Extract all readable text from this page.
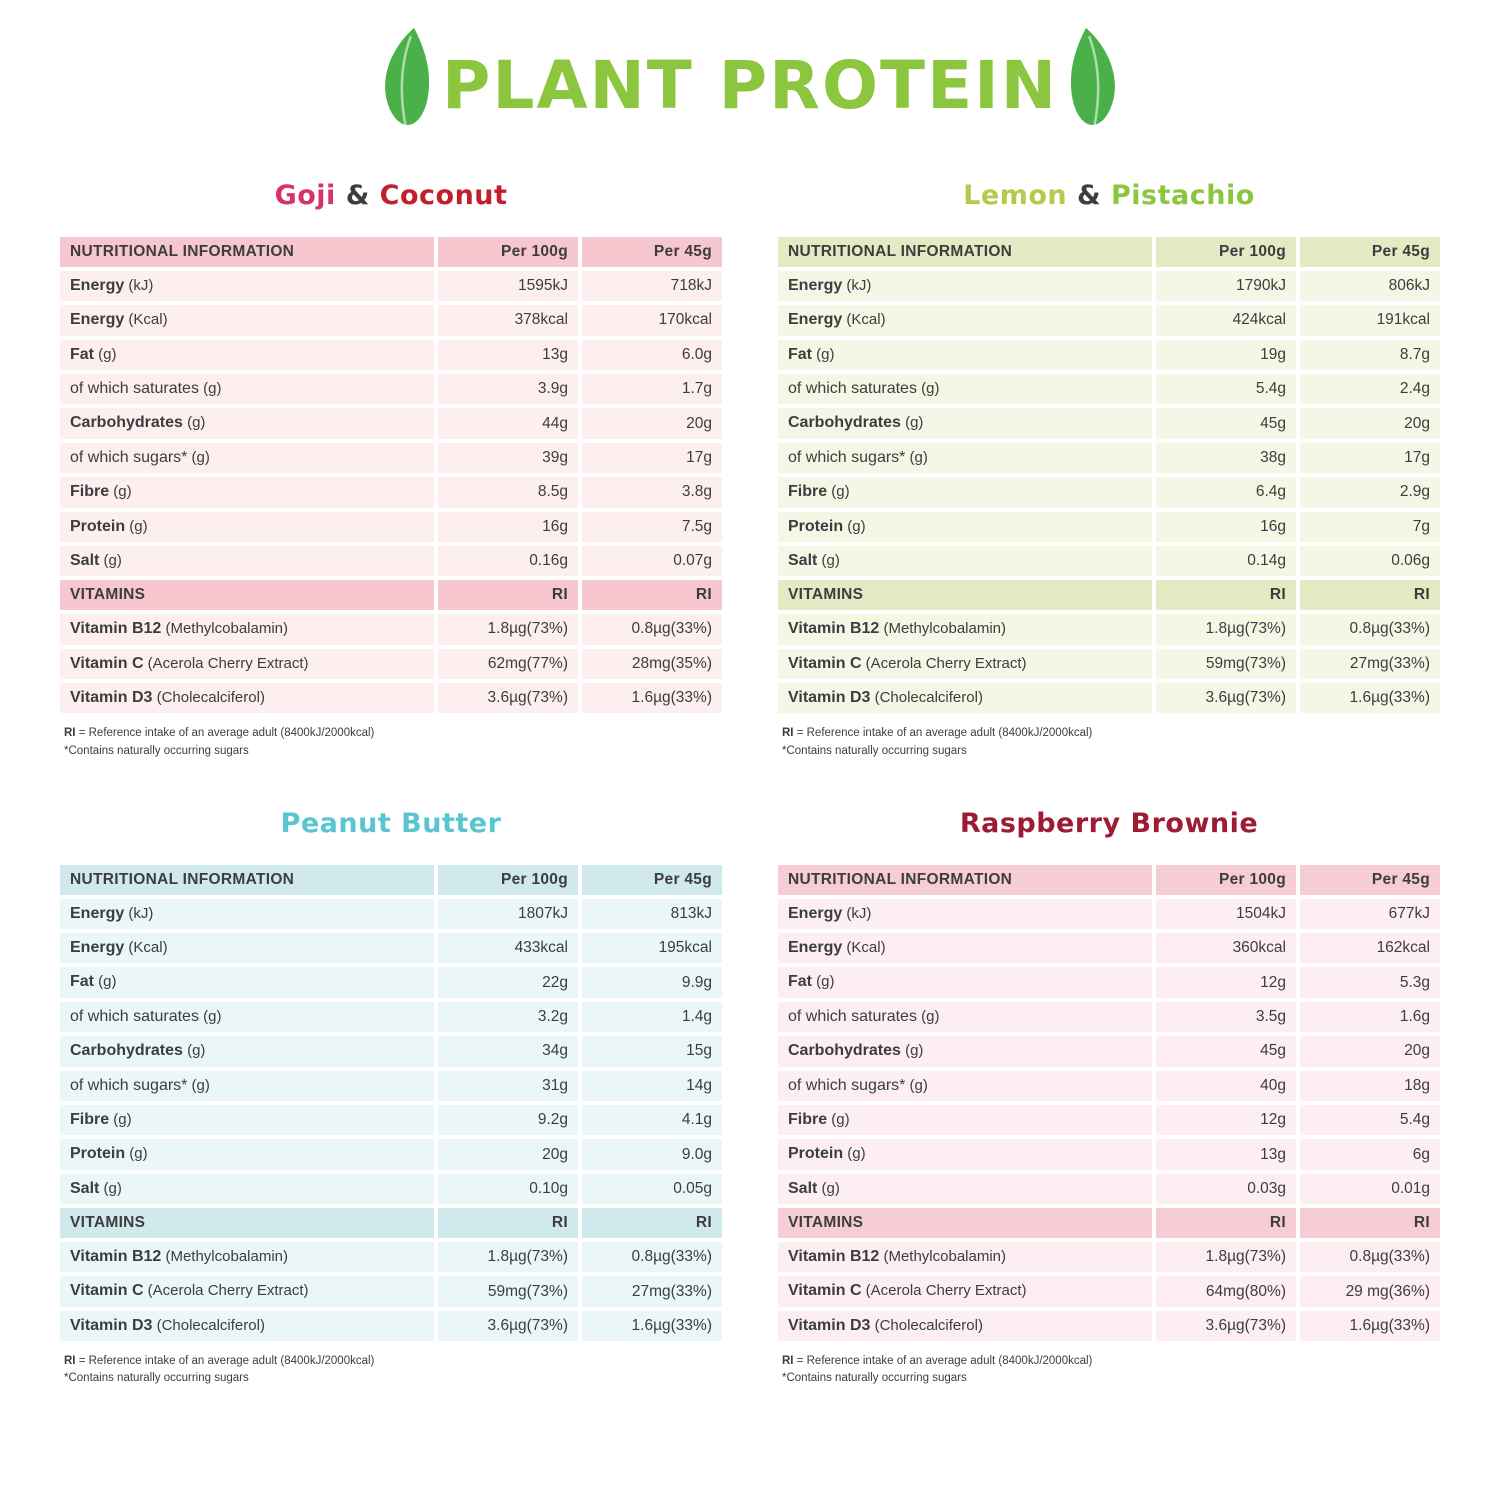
PLANT PROTEIN
Goji & Coconut
NUTRITIONAL INFORMATION	Per 100g	Per 45g
Energy (kJ)	1595kJ	718kJ
Energy (Kcal)	378kcal	170kcal
Fat (g)	13g	6.0g
of which saturates (g)	3.9g	1.7g
Carbohydrates (g)	44g	20g
of which sugars* (g)	39g	17g
Fibre (g)	8.5g	3.8g
Protein (g)	16g	7.5g
Salt (g)	0.16g	0.07g
VITAMINS	RI	RI
Vitamin B12 (Methylcobalamin)	1.8µg(73%)	0.8µg(33%)
Vitamin C (Acerola Cherry Extract)	62mg(77%)	28mg(35%)
Vitamin D3 (Cholecalciferol)	3.6µg(73%)	1.6µg(33%)
RI = Reference intake of an average adult (8400kJ/2000kcal)
*Contains naturally occurring sugars
Lemon & Pistachio
NUTRITIONAL INFORMATION	Per 100g	Per 45g
Energy (kJ)	1790kJ	806kJ
Energy (Kcal)	424kcal	191kcal
Fat (g)	19g	8.7g
of which saturates (g)	5.4g	2.4g
Carbohydrates (g)	45g	20g
of which sugars* (g)	38g	17g
Fibre (g)	6.4g	2.9g
Protein (g)	16g	7g
Salt (g)	0.14g	0.06g
VITAMINS	RI	RI
Vitamin B12 (Methylcobalamin)	1.8µg(73%)	0.8µg(33%)
Vitamin C (Acerola Cherry Extract)	59mg(73%)	27mg(33%)
Vitamin D3 (Cholecalciferol)	3.6µg(73%)	1.6µg(33%)
RI = Reference intake of an average adult (8400kJ/2000kcal)
*Contains naturally occurring sugars
Peanut Butter
NUTRITIONAL INFORMATION	Per 100g	Per 45g
Energy (kJ)	1807kJ	813kJ
Energy (Kcal)	433kcal	195kcal
Fat (g)	22g	9.9g
of which saturates (g)	3.2g	1.4g
Carbohydrates (g)	34g	15g
of which sugars* (g)	31g	14g
Fibre (g)	9.2g	4.1g
Protein (g)	20g	9.0g
Salt (g)	0.10g	0.05g
VITAMINS	RI	RI
Vitamin B12 (Methylcobalamin)	1.8µg(73%)	0.8µg(33%)
Vitamin C (Acerola Cherry Extract)	59mg(73%)	27mg(33%)
Vitamin D3 (Cholecalciferol)	3.6µg(73%)	1.6µg(33%)
RI = Reference intake of an average adult (8400kJ/2000kcal)
*Contains naturally occurring sugars
Raspberry Brownie
NUTRITIONAL INFORMATION	Per 100g	Per 45g
Energy (kJ)	1504kJ	677kJ
Energy (Kcal)	360kcal	162kcal
Fat (g)	12g	5.3g
of which saturates (g)	3.5g	1.6g
Carbohydrates (g)	45g	20g
of which sugars* (g)	40g	18g
Fibre (g)	12g	5.4g
Protein (g)	13g	6g
Salt (g)	0.03g	0.01g
VITAMINS	RI	RI
Vitamin B12 (Methylcobalamin)	1.8µg(73%)	0.8µg(33%)
Vitamin C (Acerola Cherry Extract)	64mg(80%)	29 mg(36%)
Vitamin D3 (Cholecalciferol)	3.6µg(73%)	1.6µg(33%)
RI = Reference intake of an average adult (8400kJ/2000kcal)
*Contains naturally occurring sugars
